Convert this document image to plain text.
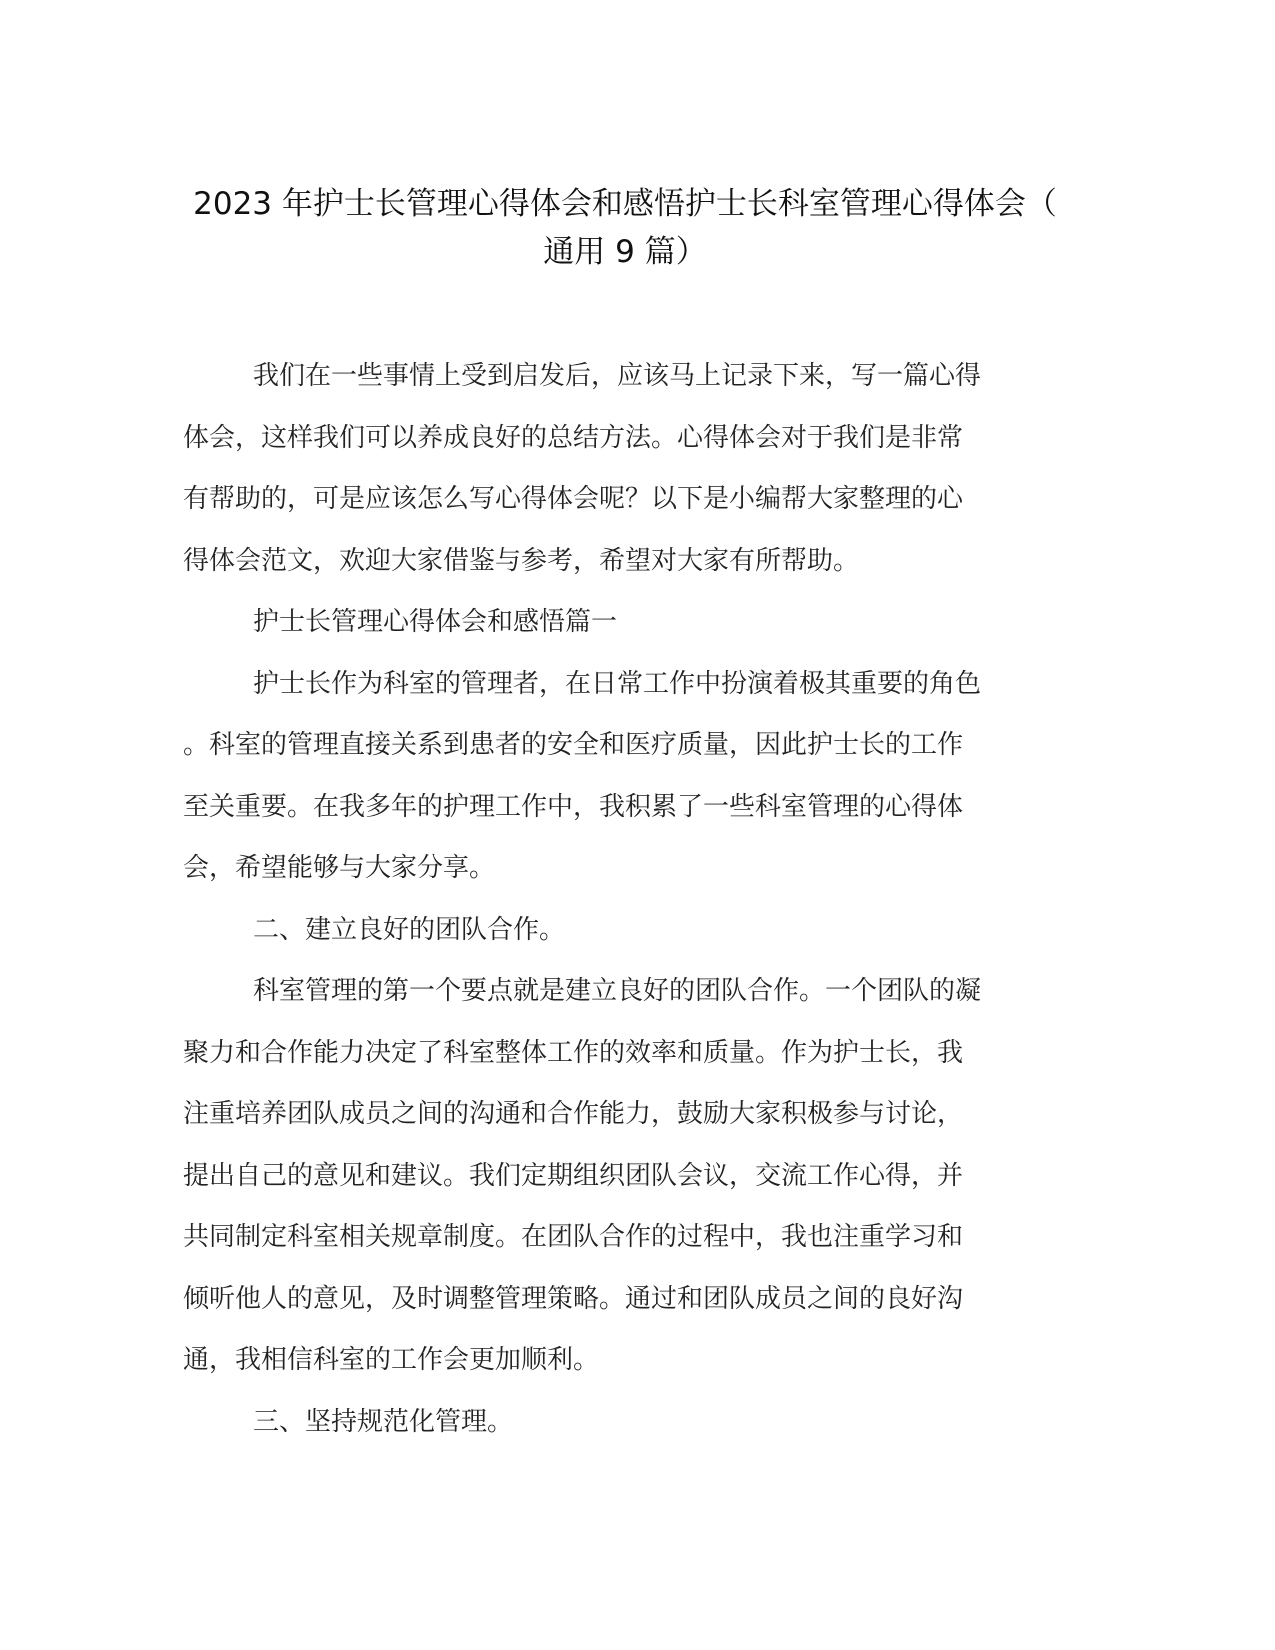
2023 年护士长管理心得体会和感悟护士长科室管理心得体会（
通用 9 篇）
我们在一些事情上受到启发后，应该马上记录下来，写一篇心得
体会，这样我们可以养成良好的总结方法。心得体会对于我们是非常
有帮助的，可是应该怎么写心得体会呢？以下是小编帮大家整理的心
得体会范文，欢迎大家借鉴与参考，希望对大家有所帮助。
护士长管理心得体会和感悟篇一
护士长作为科室的管理者，在日常工作中扮演着极其重要的角色
。科室的管理直接关系到患者的安全和医疗质量，因此护士长的工作
至关重要。在我多年的护理工作中，我积累了一些科室管理的心得体
会，希望能够与大家分享。
二、建立良好的团队合作。
科室管理的第一个要点就是建立良好的团队合作。一个团队的凝
聚力和合作能力决定了科室整体工作的效率和质量。作为护士长，我
注重培养团队成员之间的沟通和合作能力，鼓励大家积极参与讨论，
提出自己的意见和建议。我们定期组织团队会议，交流工作心得，并
共同制定科室相关规章制度。在团队合作的过程中，我也注重学习和
倾听他人的意见，及时调整管理策略。通过和团队成员之间的良好沟
通，我相信科室的工作会更加顺利。
三、坚持规范化管理。
